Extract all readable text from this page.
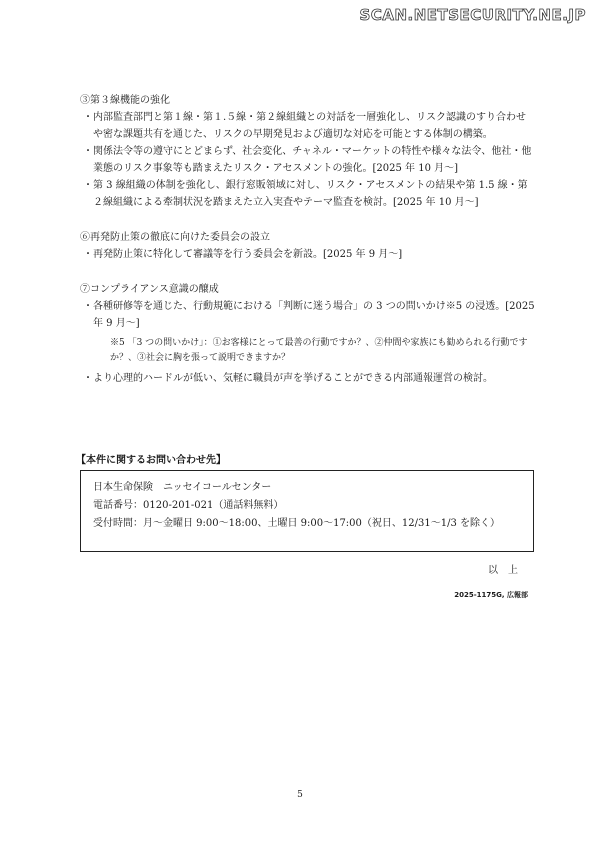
SCAN.NETSECURITY.NE.JP

③第３線機能の強化

・ 内部監査部門と第１線・第１.５線・第２線組織との対話を一層強化し、リスク認識のすり合わせや密な課題共有を通じた、リスクの早期発見および適切な対応を可能とする体制の構築。

・ 関係法令等の遵守にとどまらず、社会変化、チャネル・マーケットの特性や様々な法令、他社・他業態のリスク事象等も踏まえたリスク・アセスメントの強化。[2025 年 10 月～]

・ 第 3 線組織の体制を強化し、銀行窓販領域に対し、リスク・アセスメントの結果や第 1.5 線・第２線組織による牽制状況を踏まえた立入実査やテーマ監査を検討。[2025 年 10 月～]

⑥再発防止策の徹底に向けた委員会の設立

・ 再発防止策に特化して審議等を行う委員会を新設。[2025 年 9 月～]

⑦コンプライアンス意識の醸成

・ 各種研修等を通じた、行動規範における「判断に迷う場合」の 3 つの問いかけ※5 の浸透。[2025 年 9 月～]

※5 「3 つの問いかけ」：①お客様にとって最善の行動ですか？、②仲間や家族にも勧められる行動ですか？、③社会に胸を張って説明できますか？

・ より心理的ハードルが低い、気軽に職員が声を挙げることができる内部通報運営の検討。

【本件に関するお問い合わせ先】
日本生命保険　ニッセイコールセンター
電話番号：0120-201-021（通話料無料）
受付時間：月～金曜日 9:00～18:00、土曜日 9:00～17:00（祝日、12/31～1/3 を除く）
以上
2025-1175G, 広報部
5
